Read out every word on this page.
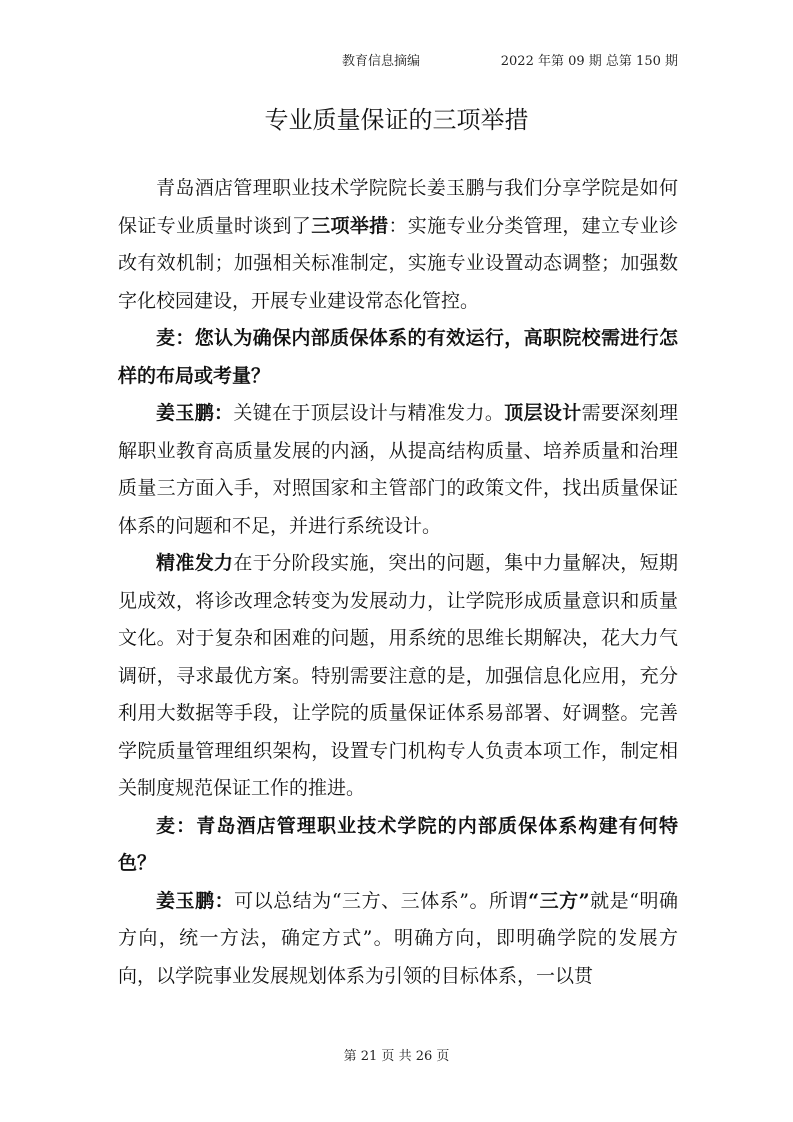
教育信息摘编	2022 年第 09 期 总第 150 期
专业质量保证的三项举措

青岛酒店管理职业技术学院院长姜玉鹏与我们分享学院是如何保证专业质量时谈到了三项举措：实施专业分类管理，建立专业诊改有效机制；加强相关标准制定，实施专业设置动态调整；加强数字化校园建设，开展专业建设常态化管控。

麦：您认为确保内部质保体系的有效运行，高职院校需进行怎样的布局或考量？

姜玉鹏：关键在于顶层设计与精准发力。顶层设计需要深刻理解职业教育高质量发展的内涵，从提高结构质量、培养质量和治理质量三方面入手，对照国家和主管部门的政策文件，找出质量保证体系的问题和不足，并进行系统设计。

精准发力在于分阶段实施，突出的问题，集中力量解决，短期见成效，将诊改理念转变为发展动力，让学院形成质量意识和质量文化。对于复杂和困难的问题，用系统的思维长期解决，花大力气调研，寻求最优方案。特别需要注意的是，加强信息化应用，充分利用大数据等手段，让学院的质量保证体系易部署、好调整。完善学院质量管理组织架构，设置专门机构专人负责本项工作，制定相关制度规范保证工作的推进。

麦：青岛酒店管理职业技术学院的内部质保体系构建有何特色？

姜玉鹏：可以总结为“三方、三体系”。所谓“三方”就是“明确方向，统一方法，确定方式”。明确方向，即明确学院的发展方向，以学院事业发展规划体系为引领的目标体系，一以贯

第 21 页 共 26 页
